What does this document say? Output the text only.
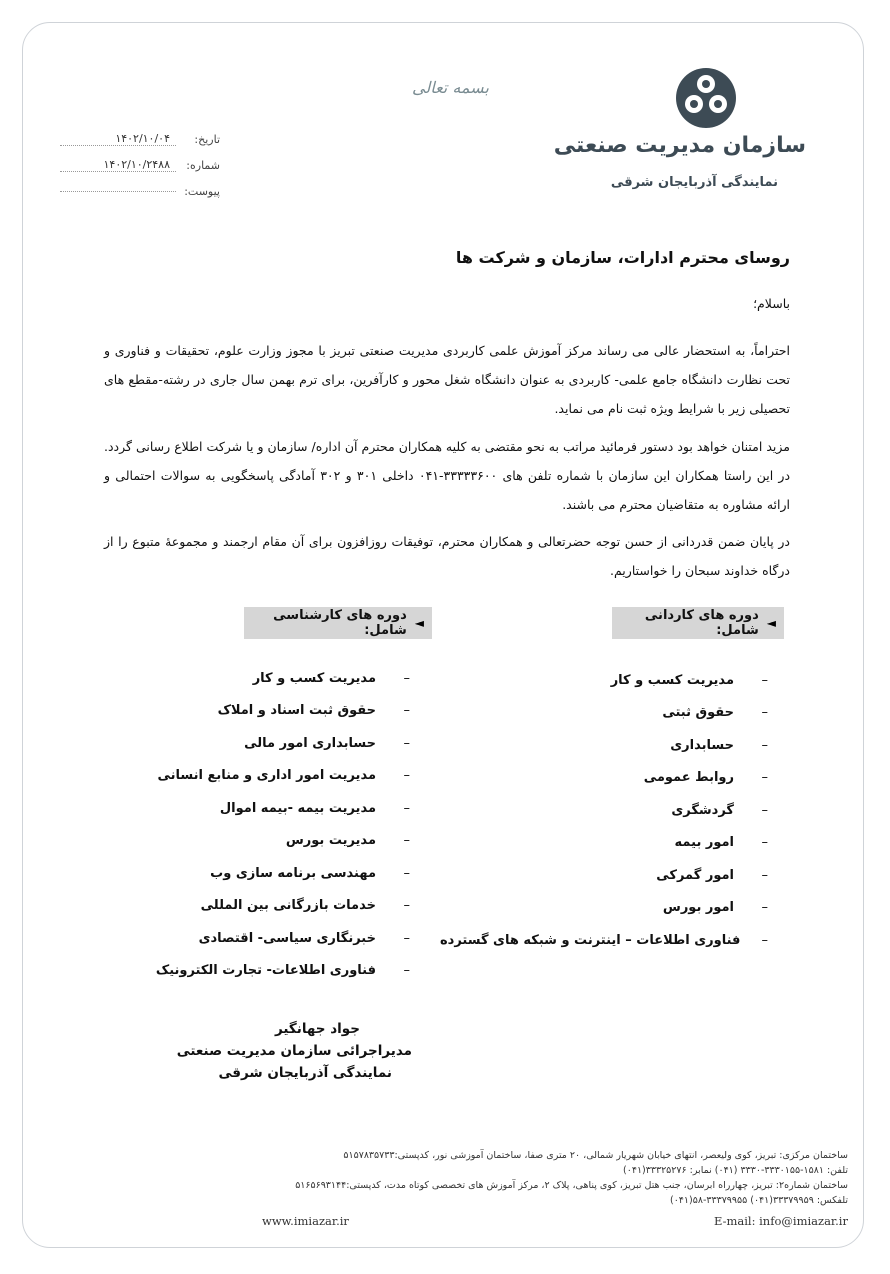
بسمه تعالی
سازمان مدیریت صنعتی
نمایندگی آذربایجان شرقی
تاریخ:
۱۴۰۲/۱۰/۰۴
شماره:
۱۴۰۲/۱۰/۲۴۸۸
پیوست:
روسای محترم ادارات، سازمان و شرکت ها
باسلام؛
احتراماً، به استحضار عالی می رساند مرکز آموزش علمی کاربردی مدیریت صنعتی تبریز با مجوز وزارت علوم، تحقیقات و فناوری و تحت نظارت دانشگاه جامع علمی- کاربردی به عنوان دانشگاه شغل محور و کارآفرین، برای ترم بهمن سال جاری در رشته-مقطع های تحصیلی زیر با شرایط ویژه ثبت نام می نماید.
مزید امتنان خواهد بود دستور فرمائید مراتب به نحو مقتضی به کلیه همکاران محترم آن اداره/ سازمان و یا شرکت اطلاع رسانی گردد. در این راستا همکاران این سازمان با شماره تلفن های ۳۳۳۳۳۶۰۰-۰۴۱ داخلی ۳۰۱ و ۳۰۲ آمادگی پاسخگویی به سوالات احتمالی و ارائه مشاوره به متقاضیان محترم می باشند.
در پایان ضمن قدردانی از حسن توجه حضرتعالی و همکاران محترم، توفیقات روزافزون برای آن مقام ارجمند و مجموعهٔ متبوع را از درگاه خداوند سبحان را خواستاریم.
◄
دوره های کاردانی شامل:
◄
دوره های کارشناسی شامل:
–
مدیریت کسب و کار
–
حقوق ثبتی
–
حسابداری
–
روابط عمومی
–
گردشگری
–
امور بیمه
–
امور گمرکی
–
امور بورس
–
فناوری اطلاعات – اینترنت و شبکه های گسترده
–
مدیریت کسب و کار
–
حقوق ثبت اسناد و املاک
–
حسابداری امور مالی
–
مدیریت امور اداری و منابع انسانی
–
مدیریت بیمه -بیمه اموال
–
مدیریت بورس
–
مهندسی برنامه سازی وب
–
خدمات بازرگانی بین المللی
–
خبرنگاری سیاسی- اقتصادی
–
فناوری اطلاعات- تجارت الکترونیک
جواد جهانگیر
مدیراجرائی سازمان مدیریت صنعتی
نمایندگی آذربایجان شرقی
ساختمان مرکزی: تبریز، کوی ولیعصر، انتهای خیابان شهریار شمالی، ۲۰ متری صفا، ساختمان آموزشی نور، کدپستی:۵۱۵۷۸۳۵۷۳۳
تلفن: ۱۵۸۱-۳۳۳۰۱۵۵-۳۳۳۰ (۰۴۱) نمابر: ۳۳۳۲۵۲۷۶(۰۴۱)
ساختمان شماره۲: تبریز، چهارراه ابرسان، جنب هتل تبریز، کوی پناهی، پلاک ۲، مرکز آموزش های تخصصی کوتاه مدت، کدپستی:۵۱۶۵۶۹۳۱۴۴
تلفکس: ۳۳۳۷۹۹۵۹(۰۴۱) ۳۳۳۷۹۹۵۵-۵۸(۰۴۱)
www.imiazar.ir	E-mail: info@imiazar.ir
